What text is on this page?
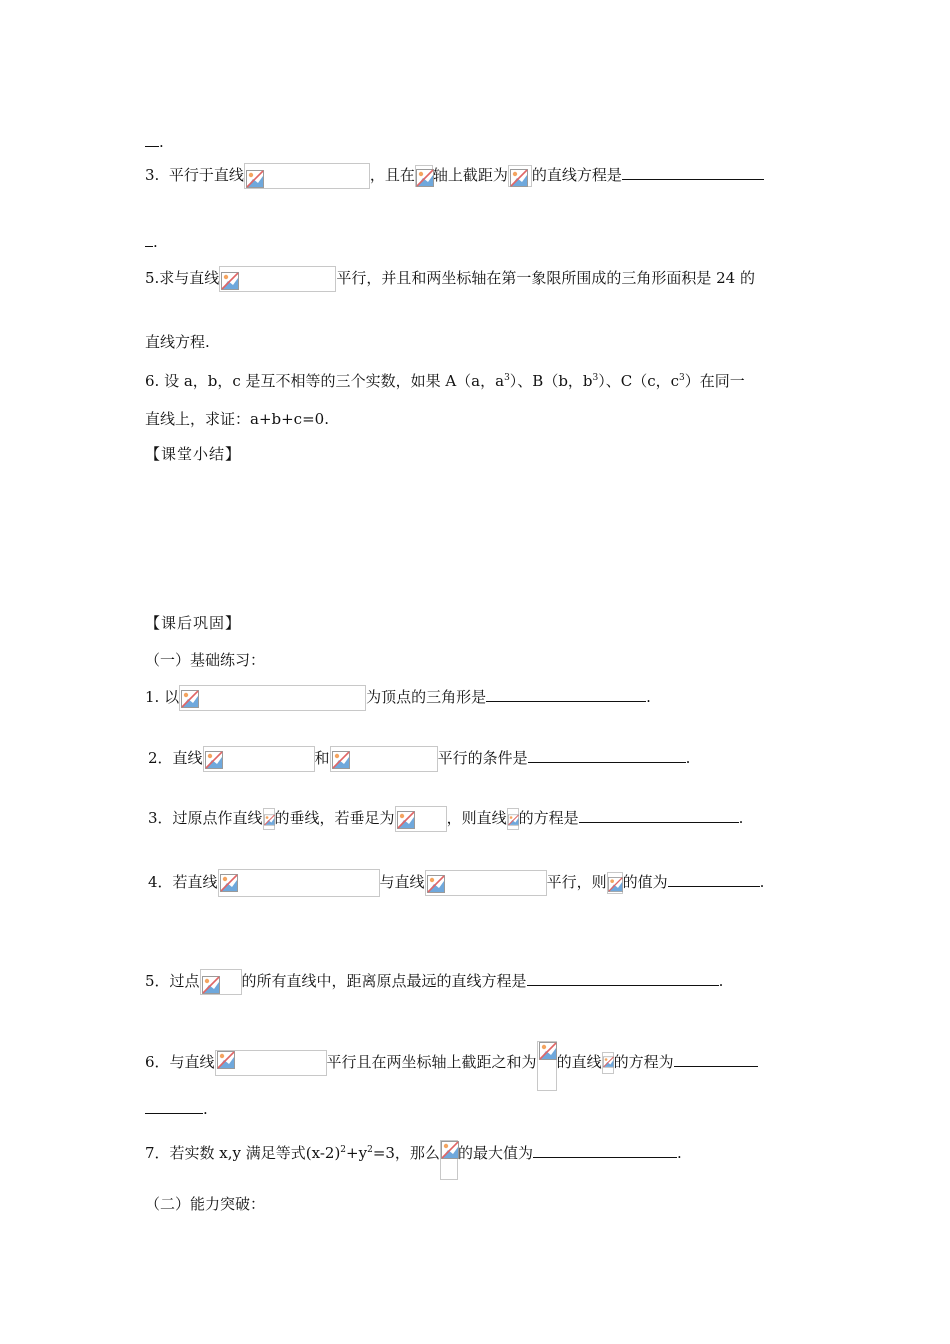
.
3. 平行于直线	，且在 轴上截距为 的直线方程是
.
5.求与直线	平行，并且和两坐标轴在第一象限所围成的三角形面积是 24 的
直线方程.
6. 设 a，b，c 是互不相等的三个实数，如果 A（a，$a^3$）、B（b，$b^3$）、C（c，$c^3$）在同一
直线上，求证：a+b+c=0.
【课堂小结】
【课后巩固】
（一）基础练习：
1. 以	为顶点的三角形是	.
2．直线	和	平行的条件是	.
3．过原点作直线 的垂线，若垂足为	，则直线 的方程是	.
4．若直线	与直线	平行，则 的值为	.
5．过点	的所有直线中，距离原点最远的直线方程是	.
6．与直线	平行且在两坐标轴上截距之和为 的直线 的方程为
.
7．若实数 x,y 满足等式$(x-2)^2+y^2=3$，那么 的最大值为	.
（二）能力突破：
